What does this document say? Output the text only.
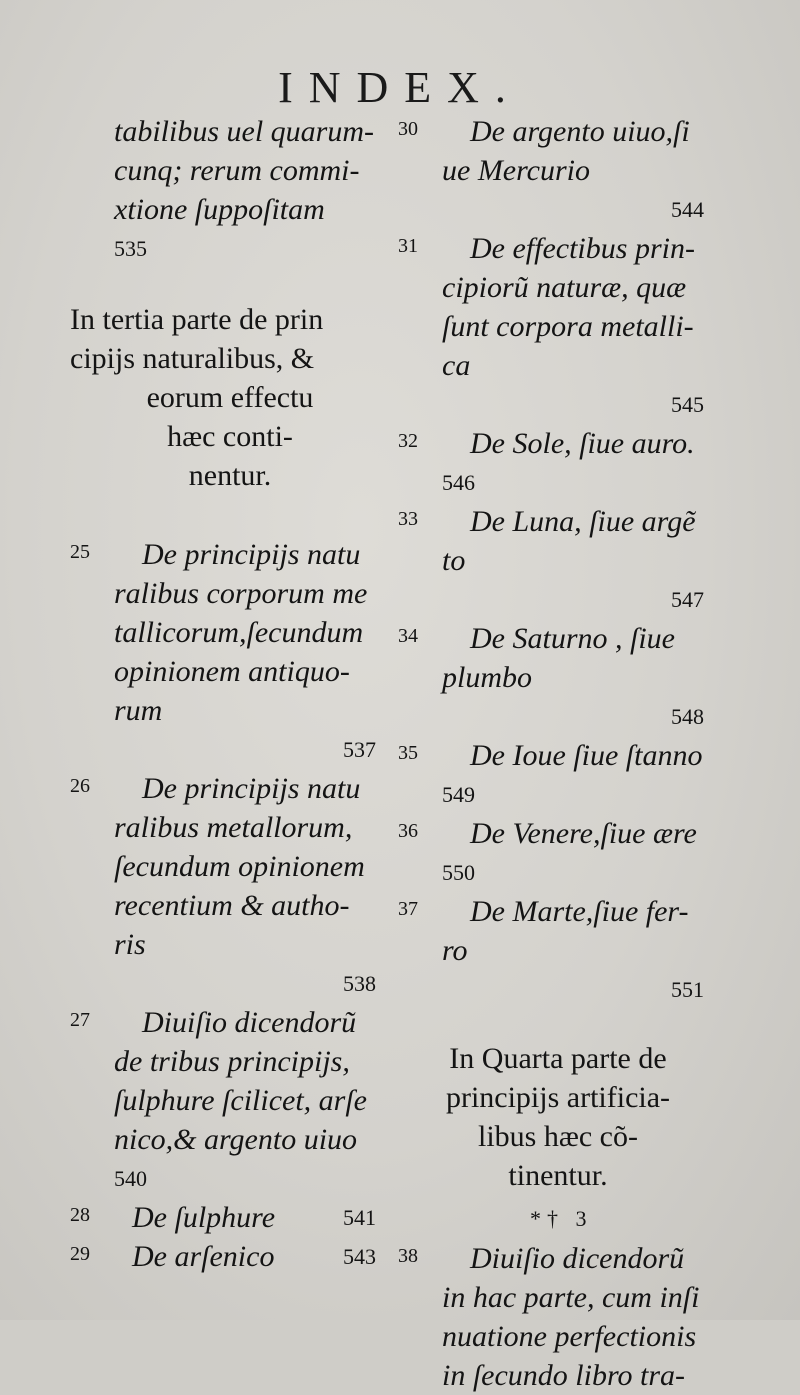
INDEX.
tabilibus uel quarum-
cunq; rerum commi-
xtione ſuppoſitam
535
In tertia parte de prin
cipijs naturalibus, &
eorum effectu
hæc conti-
nentur.
25	De principijs natu
ralibus corporum me
tallicorum,ſecundum
opinionem antiquo-
rum
537
26	De principijs natu
ralibus metallorum,
ſecundum opinionem
recentium & autho-
ris
538
27	Diuiſio dicendorũ
de tribus principijs,
ſulphure ſcilicet, arſe
nico,& argento uiuo
540
28	De ſulphure	541
29	De arſenico	543
30	De argento uiuo,ſi
ue Mercurio
544
31	De effectibus prin-
cipiorũ naturæ, quæ
ſunt corpora metalli-
ca
545
32	De Sole, ſiue auro.
546
33	De Luna, ſiue argẽ
to
547
34	De Saturno , ſiue
plumbo
548
35	De Ioue ſiue ſtanno
549
36	De Venere,ſiue ære
550
37	De Marte,ſiue fer-
ro
551
In Quarta parte de
principijs artificia-
libus hæc cõ-
tinentur.
38	Diuiſio dicendorũ
in hac parte, cum inſi
nuatione perfectionis
in ſecundo libro tra-
*† 3
